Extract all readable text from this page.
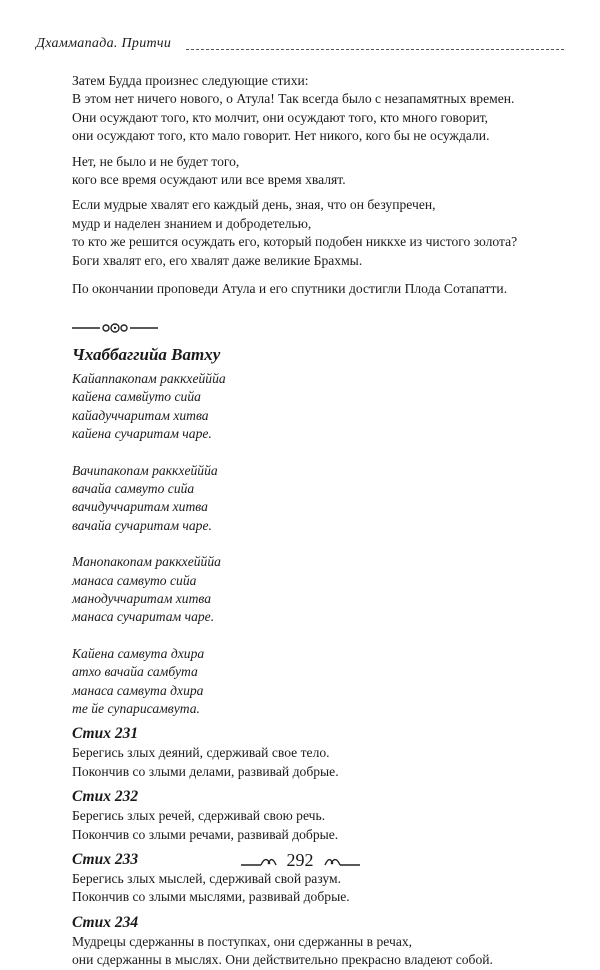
Дхаммапада. Притчи

Затем Будда произнес следующие стихи:

В этом нет ничего нового, о Атула! Так всегда было с незапамятных времен.

Они осуждают того, кто молчит, они осуждают того, кто много говорит,

они осуждают того, кто мало говорит. Нет никого, кого бы не осуждали.

Нет, не было и не будет того,

кого все время осуждают или все время хвалят.

Если мудрые хвалят его каждый день, зная, что он безупречен,

мудр и наделен знанием и добродетелью,

то кто же решится осуждать его, который подобен никкхе из чистого золота?

Боги хвалят его, его хвалят даже великие Брахмы.

По окончании проповеди Атула и его спутники достигли Плода Сотапатти.

Чхаббаггийа Ватху

Кайаппакопам раккхейййа

кайена самвйуто сийа

кайадуччаритам хитва

кайена сучаритам чаре.

Вачипакопам раккхейййа

вачайа самвуто сийа

вачидуччаритам хитва

вачайа сучаритам чаре.

Манопакопам раккхейййа

манаса самвуто сийа

манодуччаритам хитва

манаса сучаритам чаре.

Кайена самвута дхира

атхо вачайа самбута

манаса самвута дхира

те йе супарисамвута.

Стих 231

Берегись злых деяний, сдерживай свое тело.

Покончив со злыми делами, развивай добрые.

Стих 232

Берегись злых речей, сдерживай свою речь.

Покончив со злыми речами, развивай добрые.

Стих 233

Берегись злых мыслей, сдерживай свой разум.

Покончив со злыми мыслями, развивай добрые.

Стих 234

Мудрецы сдержанны в поступках, они сдержанны в речах,

они сдержанны в мыслях. Они действительно прекрасно владеют собой.

292
